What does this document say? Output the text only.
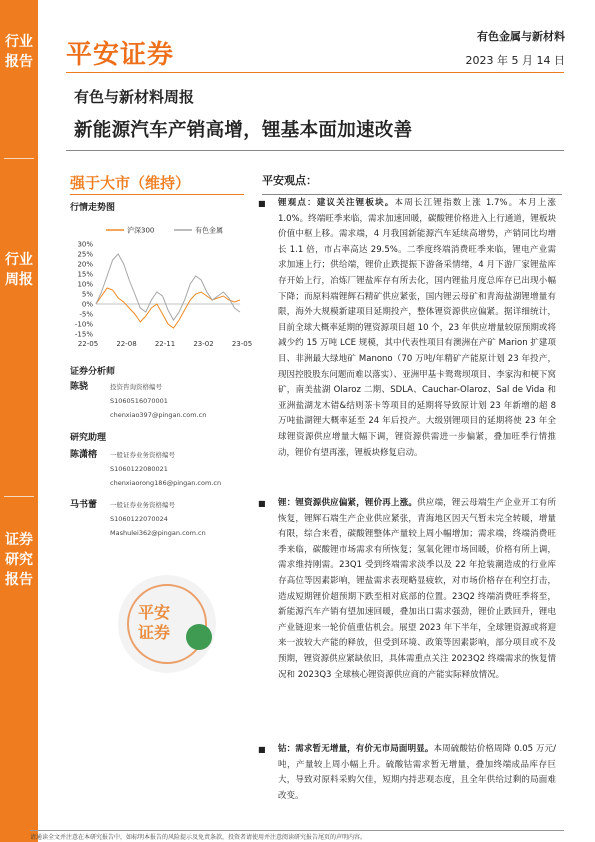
行业报告
行业周报
证券研究报告
平安证券
有色金属与新材料
2023 年 5 月 14 日
有色与新材料周报
新能源汽车产销高增，锂基本面加速改善
强于大市（维持）
行情走势图
30%
25%
20%
15%
10%
5%
0%
-5%
-10%
-15%
22-05	22-08	22-11	23-02	23-05
沪深300	有色金属
证券分析师
陈骁	投资咨询资格编号
S1060516070001
chenxiao397@pingan.com.cn
研究助理
陈潇榕 一般证券业务资格编号
S1060122080021
chenxiaorong186@pingan.com.cn
马书蕾 一般证券业务资格编号
S1060122070024
Mashulei362@pingan.com.cn
平安
证券
平安观点：
■ 锂观点：建议关注锂板块。本周长江锂指数上涨 1.7%。本月上涨 1.0%。终端旺季来临，需求加速回暖，碳酸锂价格进入上行通道，锂板块价值中枢上移。需求端，4 月我国新能源汽车延续高增势，产销同比均增长 1.1 倍，市占率高达 29.5%。二季度终端消费旺季来临，锂电产业需求加速上行；供给端，锂价止跌提振下游备采情绪，4 月下游厂家锂盐库存开始上行，冶炼厂锂盐库存有所去化，国内锂盐月度总库存已出现小幅下降；而原料端锂辉石精矿供应紧张，国内锂云母矿和青海盐湖锂增量有限，海外大规模新建项目延期投产，整体锂资源供应偏紧。据详细统计，目前全球大概率延期的锂资源项目超 10 个，23 年供应增量较原预期或将减少约 15 万吨 LCE 规模，其中代表性项目有澳洲在产矿 Marion 扩建项目、非洲最大绿地矿 Manono（70 万吨/年精矿产能原计划 23 年投产，现因控股股东问题而难以落实）、亚洲甲基卡鸳鸯坝项目、李家沟和梗下窝矿，南美盐湖 Olaroz 二期、SDLA、Cauchar-Olaroz、Sal de Vida 和亚洲盐湖龙木错&结则茶卡等项目的延期将导致原计划 23 年新增的超 8 万吨盐湖锂大概率延至 24 年后投产。大级别锂项目的延期将使 23 年全球锂资源供应增量大幅下调，锂资源供需进一步偏紧，叠加旺季行情推动，锂价有望再涨，锂板块修复启动。

■ 锂：锂资源供应偏紧，锂价再上涨。供应端，锂云母端生产企业开工有所恢复，锂辉石端生产企业供应紧张，青海地区因天气暂未完全转暖，增量有限，综合来看，碳酸锂整体产量较上周小幅增加；需求端，终端消费旺季来临，碳酸锂市场需求有所恢复；氢氧化锂市场回暖，价格有所上调，需求维持刚需。23Q1 受到终端需求淡季以及 22 年抢装潮造成的行业库存高位等因素影响，锂盐需求表现略显疲软，对市场价格存在利空打击，造成短期锂价超预期下跌至相对底部的位置。23Q2 终端消费旺季将至，新能源汽车产销有望加速回暖，叠加出口需求强劲，锂价止跌回升，锂电产业链迎来一轮价值重估机会。展望 2023 年下半年，全球锂资源或将迎来一波较大产能的释放，但受到环境、政策等因素影响，部分项目或不及预期，锂资源供应紧缺依旧，具体需重点关注 2023Q2 终端需求的恢复情况和 2023Q3 全球核心锂资源供应商的产能实际释放情况。

■ 钴：需求暂无增量，有价无市局面明显。本周硫酸钴价格周降 0.05 万元/吨，产量较上周小幅上升。硫酸钴需求暂无增量，叠加终端成品库存巨大，导致对原料采购欠佳，短期内持悲观态度，且全年供给过剩的局面难改变。

请通读全文并注意在本研究报告中，如标明本报告的风险提示及免责条款，投资者请使用并注意阅读研究报告尾页的声明内容。
